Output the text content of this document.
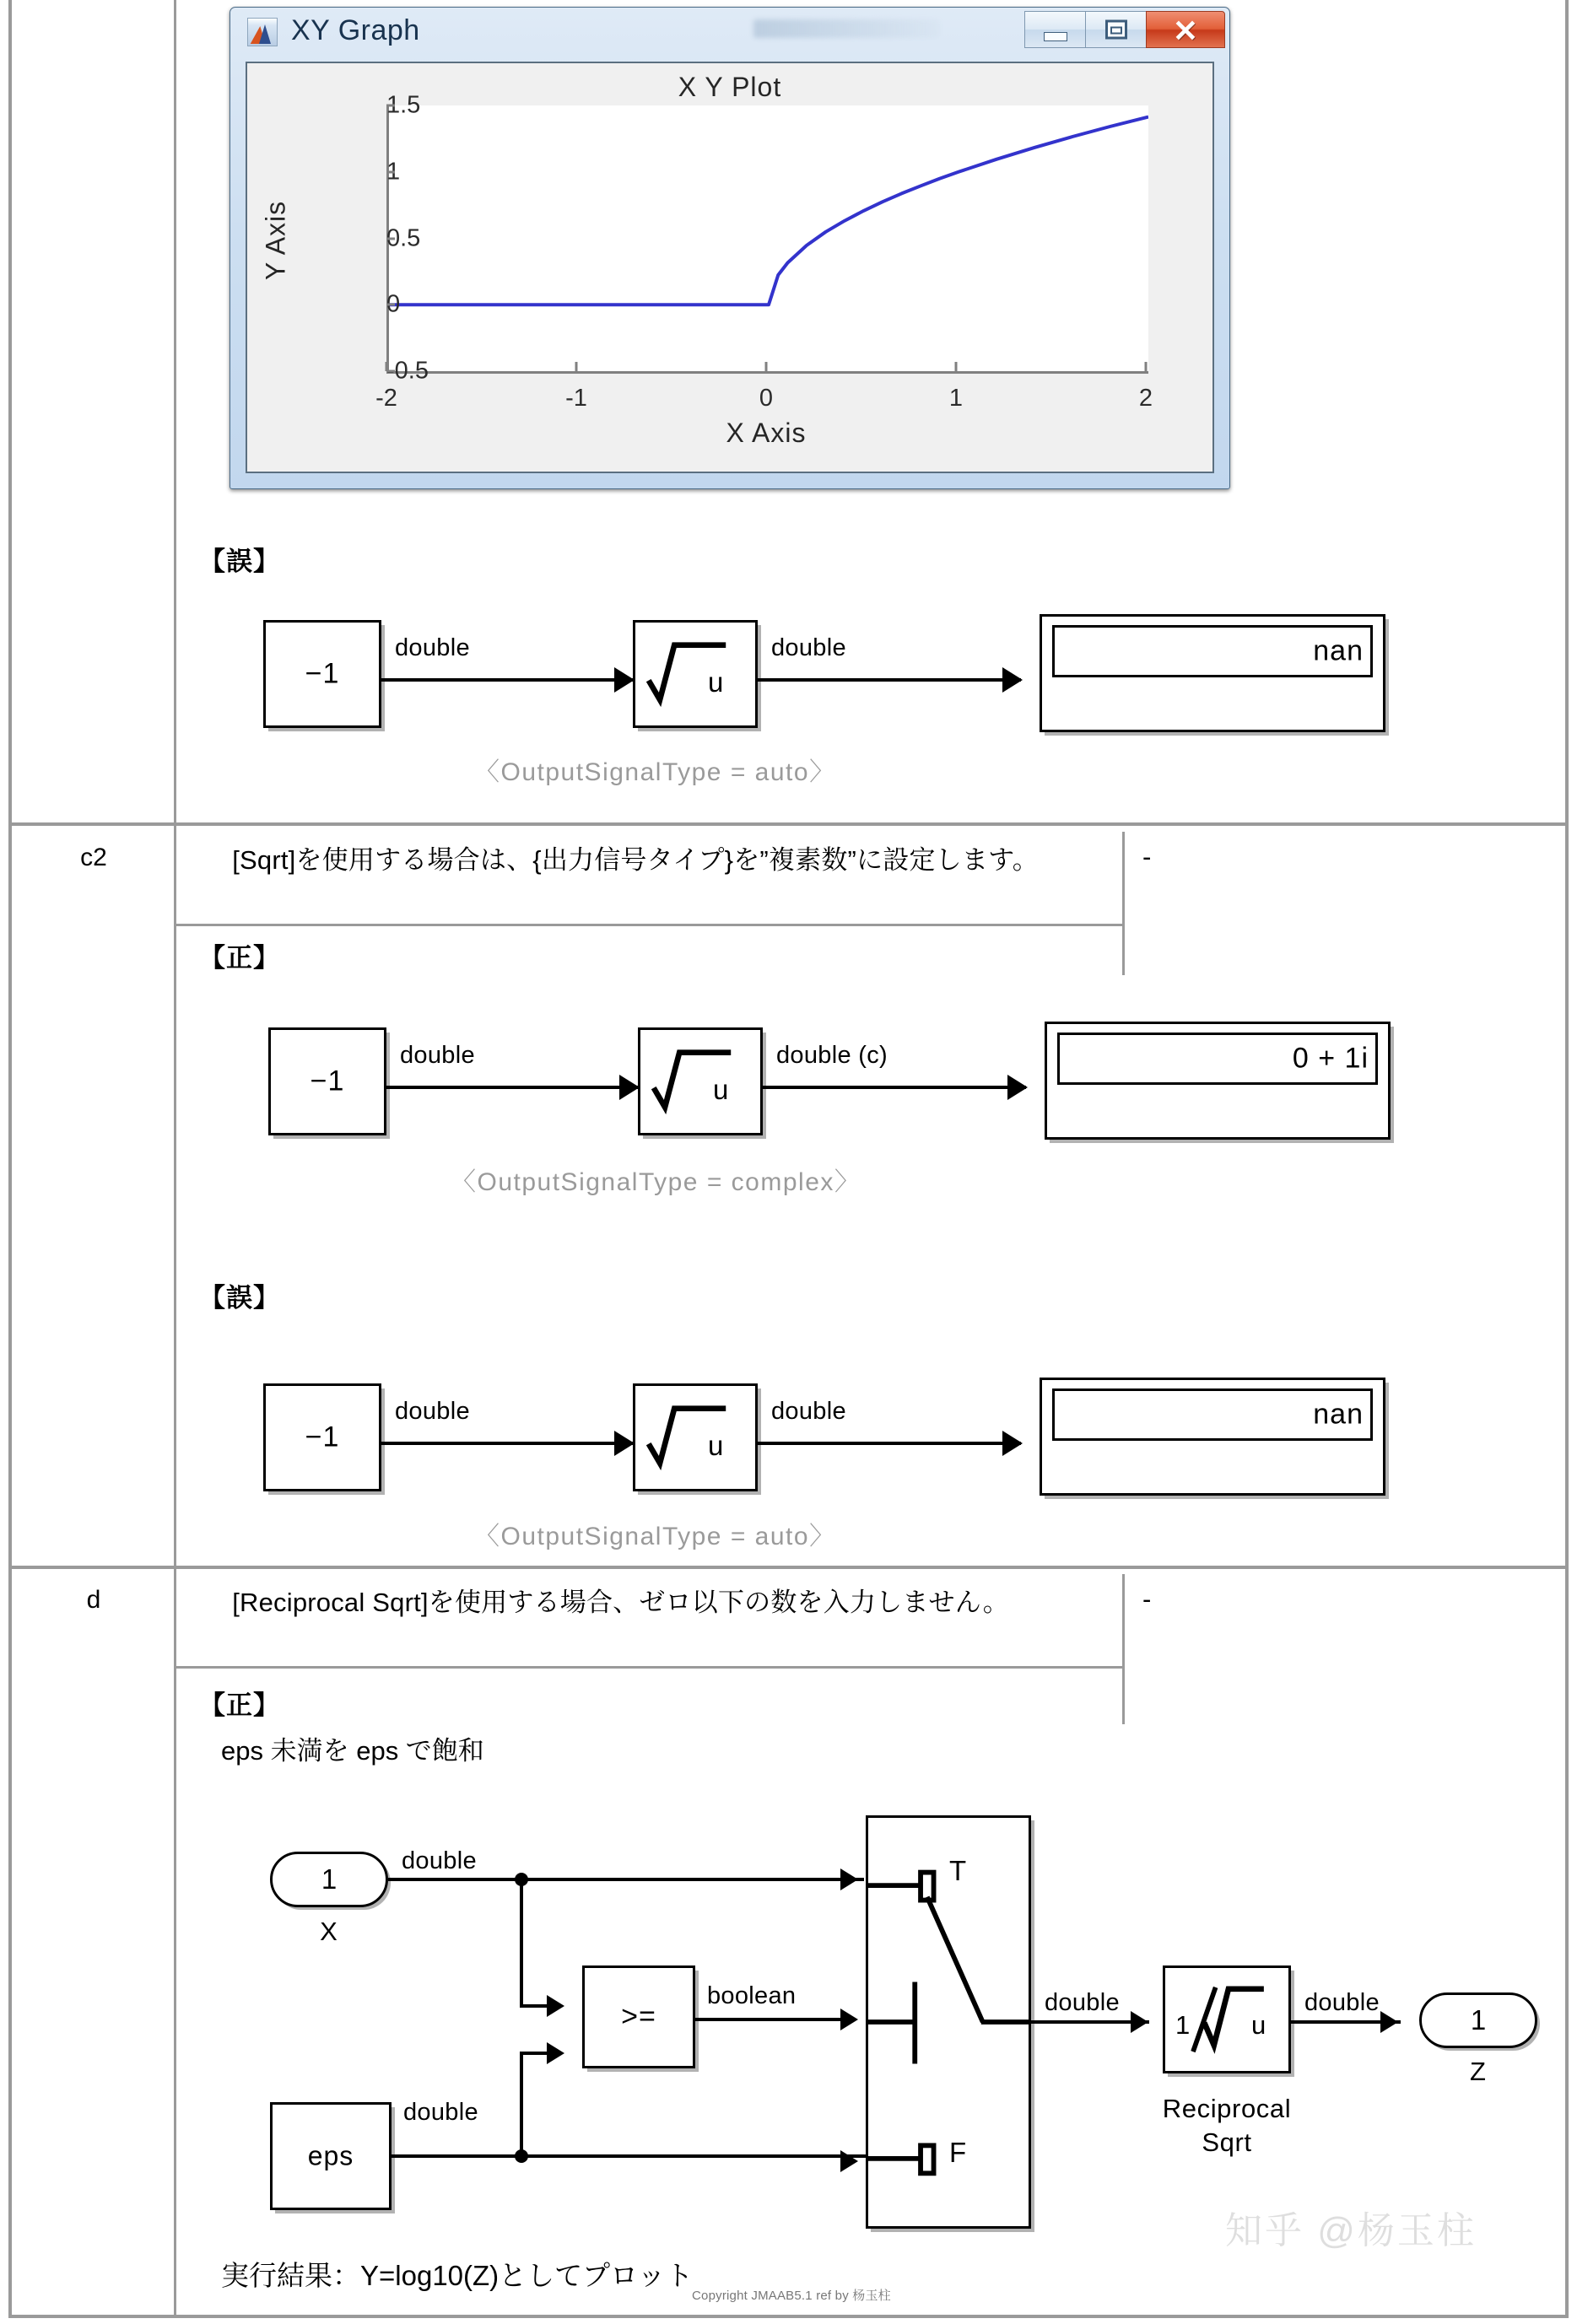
XY Graph	✕
X Y Plot
Y Axis
X Axis
-2	-1	0	1	2
【誤】
−1
double
u
double	nan
〈OutputSignalType = auto〉
c2	　[Sqrt]を使用する場合は、{出力信号タイプ}を”複素数”に設定します。	-
【正】
−1
double
u
double (c)	0 + 1i
〈OutputSignalType = complex〉
【誤】
−1
double
u
double	nan
〈OutputSignalType = auto〉
d	　[Reciprocal Sqrt]を使用する場合、ゼロ以下の数を入力しません。	-
【正】
eps 未満を eps で飽和
1
X
double
eps
double
>=
boolean
T
F
double
1 u
Reciprocal
Sqrt
double
1
Z
実行結果：Y=log10(Z)としてプロット
Copyright JMAAB5.1 ref by 杨玉柱
知乎 @杨玉柱
